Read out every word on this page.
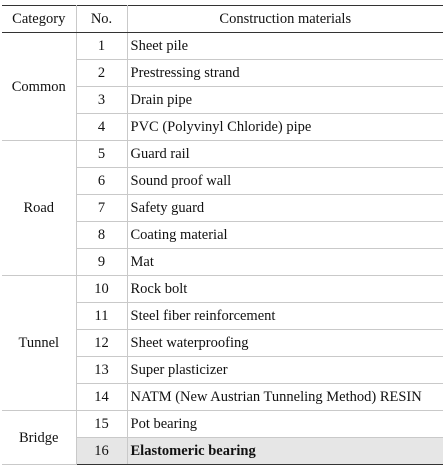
Category	No.	Construction materials
Common	1	Sheet pile
	2	Prestressing strand
	3	Drain pipe
	4	PVC (Polyvinyl Chloride) pipe
Road	5	Guard rail
	6	Sound proof wall
	7	Safety guard
	8	Coating material
	9	Mat
Tunnel	10	Rock bolt
	11	Steel fiber reinforcement
	12	Sheet waterproofing
	13	Super plasticizer
	14	NATM (New Austrian Tunneling Method) RESIN
Bridge	15	Pot bearing
	16	Elastomeric bearing
